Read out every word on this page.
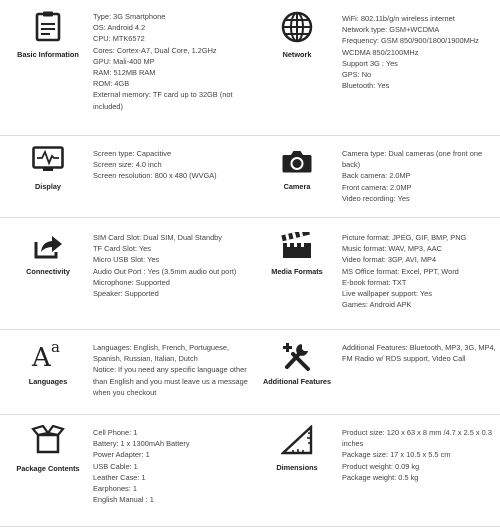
Basic Information
Type: 3G Smartphone
OS: Android 4.2
CPU: MTK6572
Cores: Cortex-A7, Dual Core, 1.2GHz
GPU: Mali-400 MP
RAM: 512MB RAM
ROM: 4GB
External memory: TF card up to 32GB (not
included)
Network
WiFi: 802.11b/g/n wireless internet
Network type: GSM+WCDMA
Frequency: GSM 850/900/1800/1900MHz
WCDMA 850/2100MHz
Support 3G : Yes
GPS: No
Bluetooth: Yes
Display
Screen type: Capacitive
Screen size: 4.0 inch
Screen resolution: 800 x 480 (WVGA)
Camera
Camera type: Dual cameras (one front one
back)
Back camera: 2.0MP
Front camera: 2.0MP
Video recording: Yes
Connectivity
SIM Card Slot: Dual SIM, Dual Standby
TF Card Slot: Yes
Micro USB Slot: Yes
Audio Out Port : Yes (3.5mm audio out port)
Microphone: Supported
Speaker: Supported
Media Formats
Picture format: JPEG, GIF, BMP, PNG
Music format: WAV, MP3, AAC
Video format: 3GP, AVI, MP4
MS Office format: Excel, PPT, Word
E-book format: TXT
Live wallpaper support: Yes
Games: Android APK
A a
Languages
Languages: English, French, Portuguese,
Spanish, Russian, Italian, Dutch
Notice: If you need any specific language other
than English and you must leave us a message
when you checkout
Additional Features
Additional Features: Bluetooth, MP3, 3G, MP4,
FM Radio w/ RDS support, Video Call
Package Contents
Cell Phone: 1
Battery: 1 x 1300mAh Battery
Power Adapter: 1
USB Cable: 1
Leather Case: 1
Earphones: 1
English Manual : 1
Dimensions
Product size: 120 x 63 x 8 mm /4.7 x 2.5 x 0.3
inches
Package size: 17 x 10.5 x 5.5 cm
Product weight: 0.09 kg
Package weight: 0.5 kg
